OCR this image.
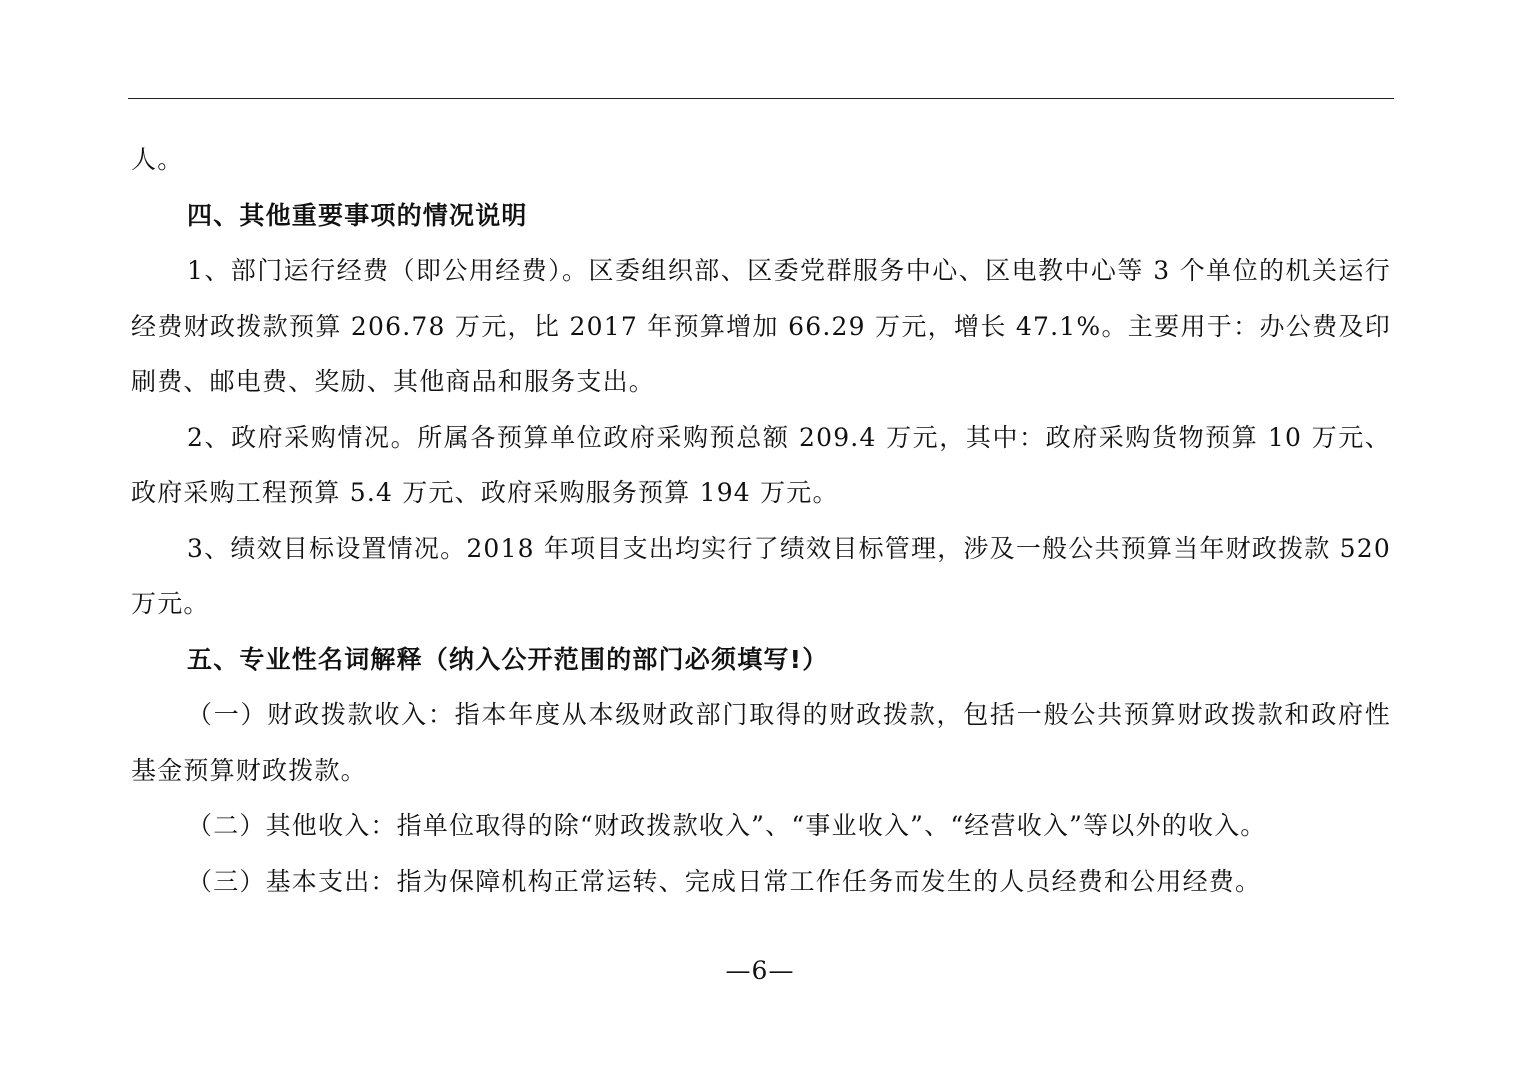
人。

四、其他重要事项的情况说明

1、部门运行经费（即公用经费）。区委组织部、区委党群服务中心、区电教中心等 3 个单位的机关运行经费财政拨款预算 206.78 万元，比 2017 年预算增加 66.29 万元，增长 47.1%。主要用于：办公费及印刷费、邮电费、奖励、其他商品和服务支出。

2、政府采购情况。所属各预算单位政府采购预总额 209.4 万元，其中：政府采购货物预算 10 万元、政府采购工程预算 5.4 万元、政府采购服务预算 194 万元。

3、绩效目标设置情况。2018 年项目支出均实行了绩效目标管理，涉及一般公共预算当年财政拨款 520 万元。

五、专业性名词解释（纳入公开范围的部门必须填写!）

（一）财政拨款收入：指本年度从本级财政部门取得的财政拨款，包括一般公共预算财政拨款和政府性基金预算财政拨款。

（二）其他收入：指单位取得的除“财政拨款收入”、“事业收入”、“经营收入”等以外的收入。

（三）基本支出：指为保障机构正常运转、完成日常工作任务而发生的人员经费和公用经费。

—6—
